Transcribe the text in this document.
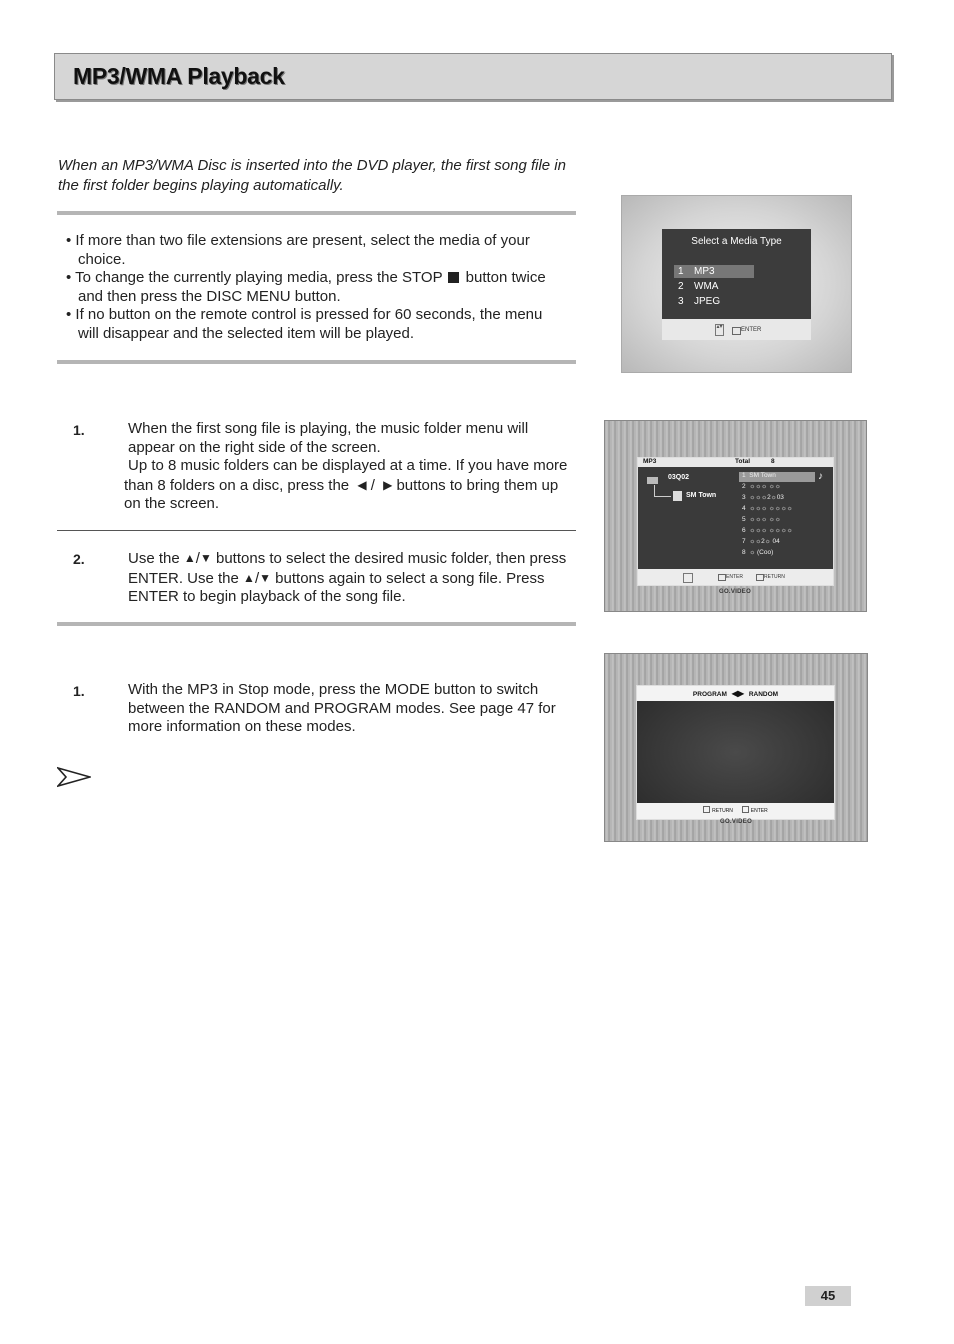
MP3/WMA Playback
When an MP3/WMA Disc is inserted into the DVD player, the first song file in the first folder begins playing automatically.
• If more than two file extensions are present, select the media of your choice.
• To change the currently playing media, press the STOP button twice and then press the DISC MENU button.
• If no button on the remote control is pressed for 60 seconds, the menu will disappear and the selected item will be played.
1.	When the first song file is playing, the music folder menu will appear on the right side of the screen.
Up to 8 music folders can be displayed at a time. If you have more than 8 folders on a disc, press the ◀ / ▶ buttons to bring them up on the screen.
2.	Use the ▲/▼ buttons to select the desired music folder, then press ENTER. Use the ▲/▼ buttons again to select a song file. Press ENTER to begin playback of the song file.
1.	With the MP3 in Stop mode, press the MODE button to switch between the RANDOM and PROGRAM modes. See page 47 for more information on these modes.
Select a Media Type
1 MP3
2 WMA
3 JPEG
▴▾	ENTER
MP3	Total	8
03Q02
SM Town
1 SM Town
2 ☼☼☼ ☼☼
3 ☼☼☼2☼03
4 ☼☼☼ ☼☼☼☼
5 ☼☼☼ ☼☼
6 ☼☼☼ ☼☼☼☼
7 ☼☼2☼ 04
8 ☼ (Coo)
♪
ENTER	RETURN
GO.VIDEO
PROGRAM ◀▶ RANDOM
RETURN	ENTER
GO.VIDEO
45
